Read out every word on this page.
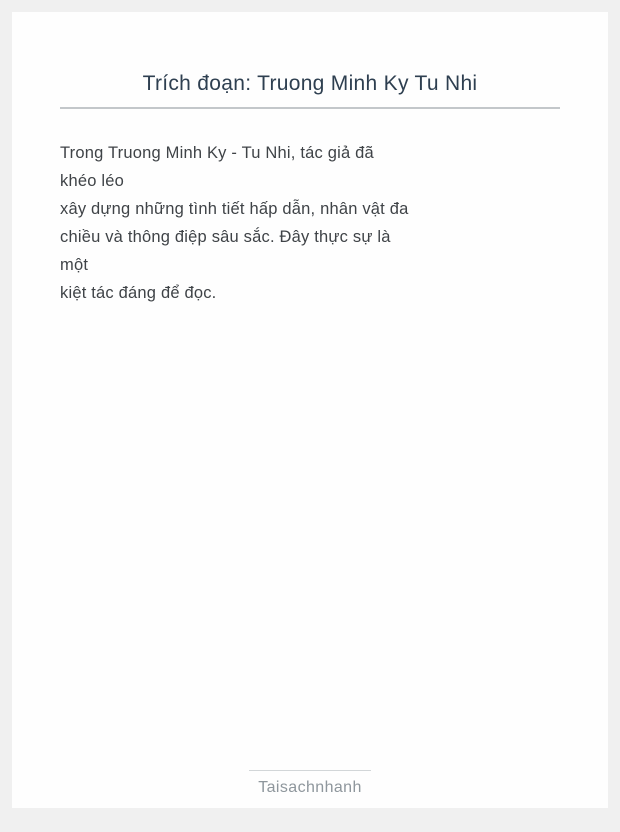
Trích đoạn: Truong Minh Ky Tu Nhi

Trong Truong Minh Ky - Tu Nhi, tác giả đã

khéo léo

xây dựng những tình tiết hấp dẫn, nhân vật đa

chiều và thông điệp sâu sắc. Đây thực sự là

một

kiệt tác đáng để đọc.

Taisachnhanh
